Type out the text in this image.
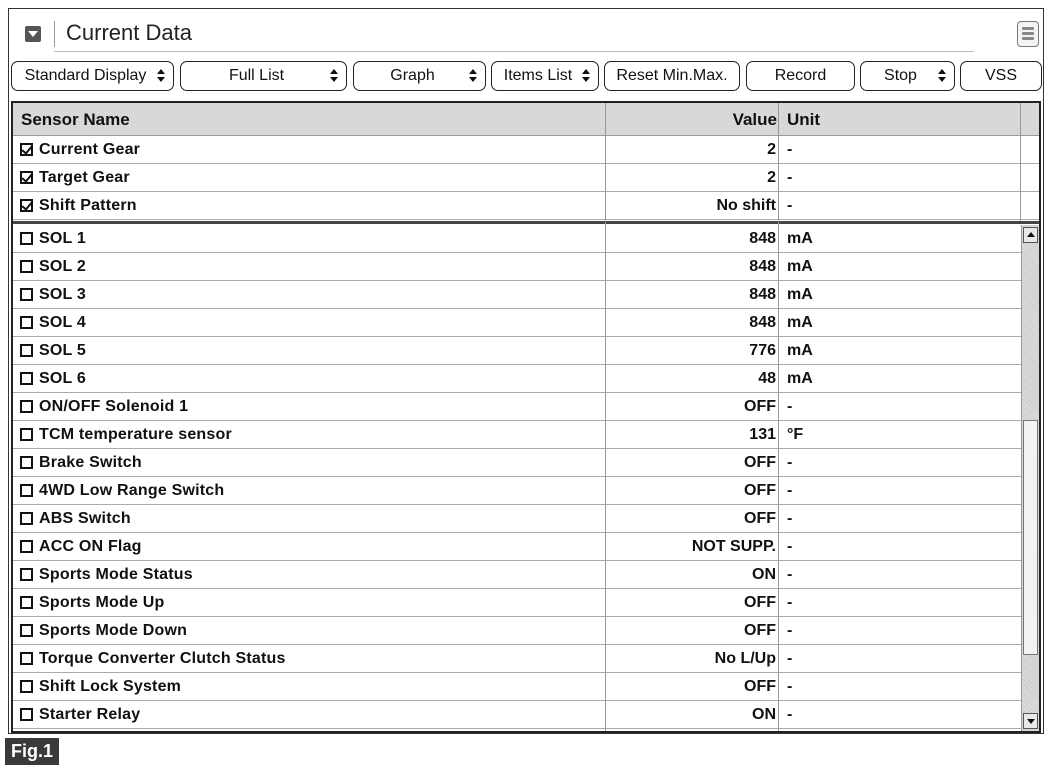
Current Data
Standard Display	Full List	Graph	Items List	Reset Min.Max.	Record	Stop	VSS
Sensor Name	Value Unit
Current Gear	2 -
Target Gear	2 -
Shift Pattern	No shift -
SOL 1	848 mA
SOL 2	848 mA
SOL 3	848 mA
SOL 4	848 mA
SOL 5	776 mA
SOL 6	48 mA
ON/OFF Solenoid 1	OFF -
TCM temperature sensor	131 °F
Brake Switch	OFF -
4WD Low Range Switch	OFF -
ABS Switch	OFF -
ACC ON Flag	NOT SUPP. -
Sports Mode Status	ON -
Sports Mode Up	OFF -
Sports Mode Down	OFF -
Torque Converter Clutch Status	No L/Up -
Shift Lock System	OFF -
Starter Relay	ON -
Fig.1
